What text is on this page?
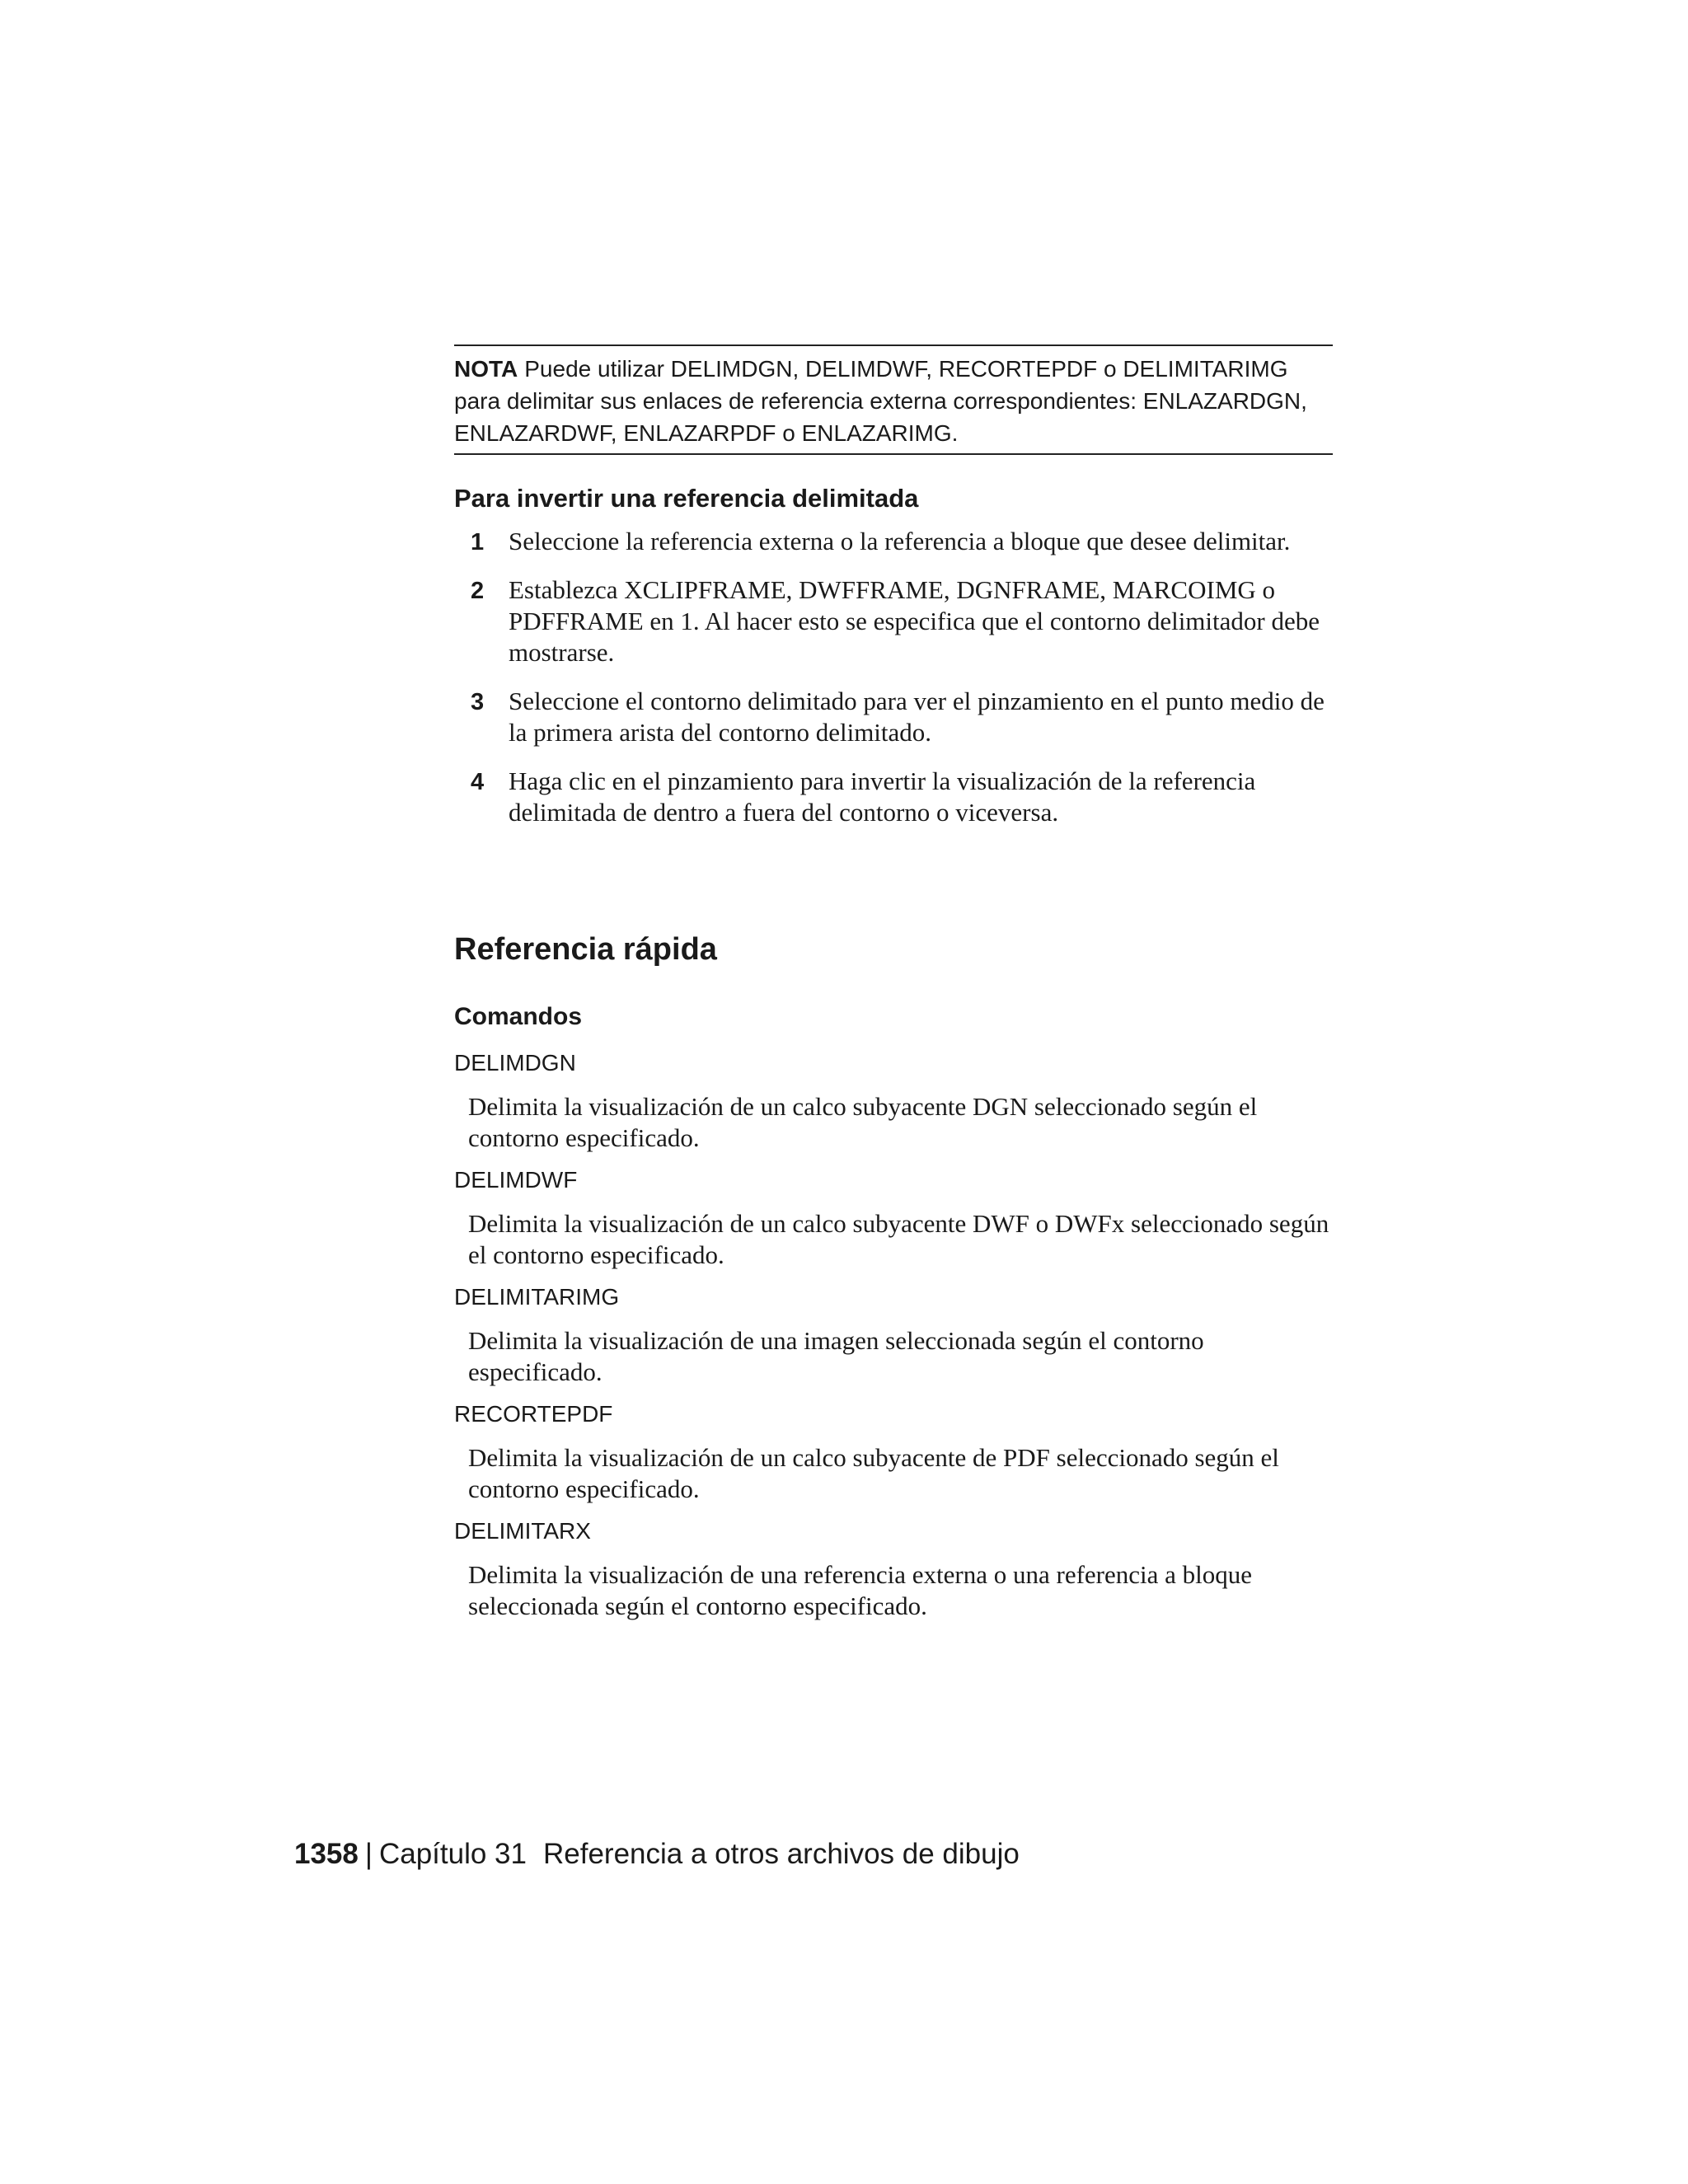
NOTA Puede utilizar DELIMDGN, DELIMDWF, RECORTEPDF o DELIMITARIMG para delimitar sus enlaces de referencia externa correspondientes: ENLAZARDGN, ENLAZARDWF, ENLAZARPDF o ENLAZARIMG.

Para invertir una referencia delimitada
1 Seleccione la referencia externa o la referencia a bloque que desee delimitar.
2 Establezca XCLIPFRAME, DWFFRAME, DGNFRAME, MARCOIMG o PDFFRAME en 1. Al hacer esto se especifica que el contorno delimitador debe mostrarse.
3 Seleccione el contorno delimitado para ver el pinzamiento en el punto medio de la primera arista del contorno delimitado.
4 Haga clic en el pinzamiento para invertir la visualización de la referencia delimitada de dentro a fuera del contorno o viceversa.
Referencia rápida
Comandos
DELIMDGN
Delimita la visualización de un calco subyacente DGN seleccionado según el contorno especificado.
DELIMDWF
Delimita la visualización de un calco subyacente DWF o DWFx seleccionado según el contorno especificado.
DELIMITARIMG
Delimita la visualización de una imagen seleccionada según el contorno especificado.
RECORTEPDF
Delimita la visualización de un calco subyacente de PDF seleccionado según el contorno especificado.
DELIMITARX
Delimita la visualización de una referencia externa o una referencia a bloque seleccionada según el contorno especificado.

1358 | Capítulo 31 Referencia a otros archivos de dibujo
